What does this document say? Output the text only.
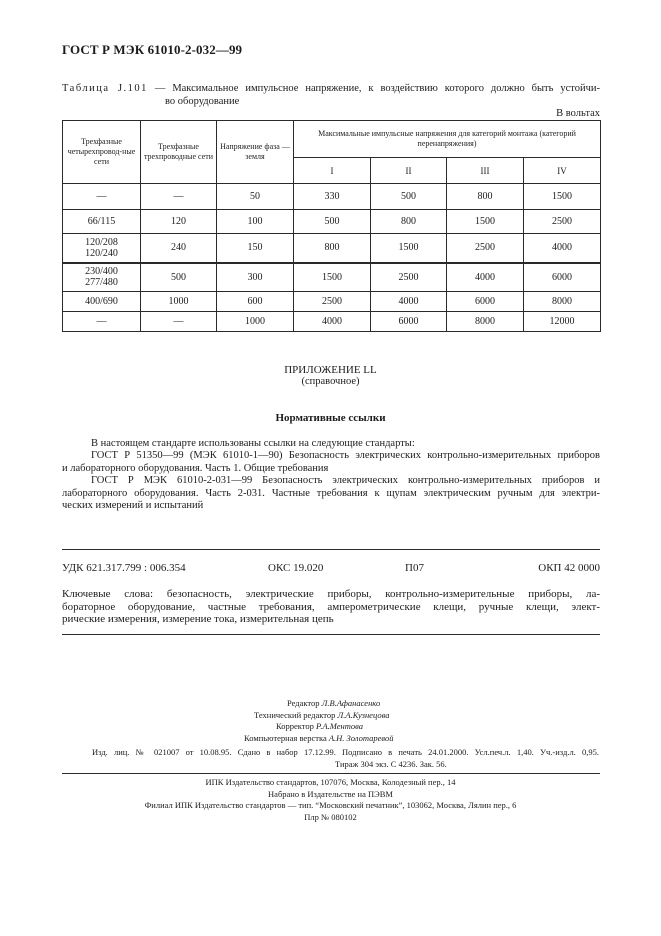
ГОСТ Р МЭК 61010-2-032—99
Таблица J.101 — Максимальное импульсное напряжение, к воздействию которого должно быть устойчи-
во оборудование
В вольтах
Трехфазные четырехпровод-ные сети	Трехфазные трехпроводные сети	Напряжение фаза — земля	Максимальные импульсные напряжения для категорий монтажа (категорий перенапряжения)			
			I	II	III	IV
—	—	50	330	500	800	1500
66/115	120	100	500	800	1500	2500
120/208
120/240	240	150	800	1500	2500	4000
230/400
277/480	500	300	1500	2500	4000	6000
400/690	1000	600	2500	4000	6000	8000
—	—	1000	4000	6000	8000	12000
ПРИЛОЖЕНИЕ LL
(справочное)
Нормативные ссылки

В настоящем стандарте использованы ссылки на следующие стандарты:

ГОСТ Р 51350—99 (МЭК 61010-1—90) Безопасность электрических контрольно-измерительных приборов

и лабораторного оборудования. Часть 1. Общие требования

ГОСТ Р МЭК 61010-2-031—99 Безопасность электрических контрольно-измерительных приборов и

лабораторного оборудования. Часть 2-031. Частные требования к щупам электрическим ручным для электри-

ческих измерений и испытаний

УДК 621.317.799 : 006.354	ОКС 19.020	П07	ОКП 42 0000
Ключевые слова: безопасность, электрические приборы, контрольно-измерительные приборы, ла-
бораторное оборудование, частные требования, амперометрические клещи, ручные клещи, элект-
рические измерения, измерение тока, измерительная цепь
Редактор Л.В.Афанасенко
Технический редактор Л.А.Кузнецова
Корректор Р.А.Ментова
Компьютерная верстка А.Н. Золотаревой
Изд. лиц. № 021007 от 10.08.95. Сдано в набор 17.12.99. Подписано в печать 24.01.2000. Усл.печ.л. 1,40. Уч.-изд.л. 0,95.
Тираж 304 экз. С 4236. Зак. 56.
ИПК Издательство стандартов, 107076, Москва, Колодезный пер., 14
Набрано в Издательстве на ПЭВМ
Филиал ИПК Издательство стандартов — тип. “Московский печатник”, 103062, Москва, Лялин пер., 6
Плр № 080102
